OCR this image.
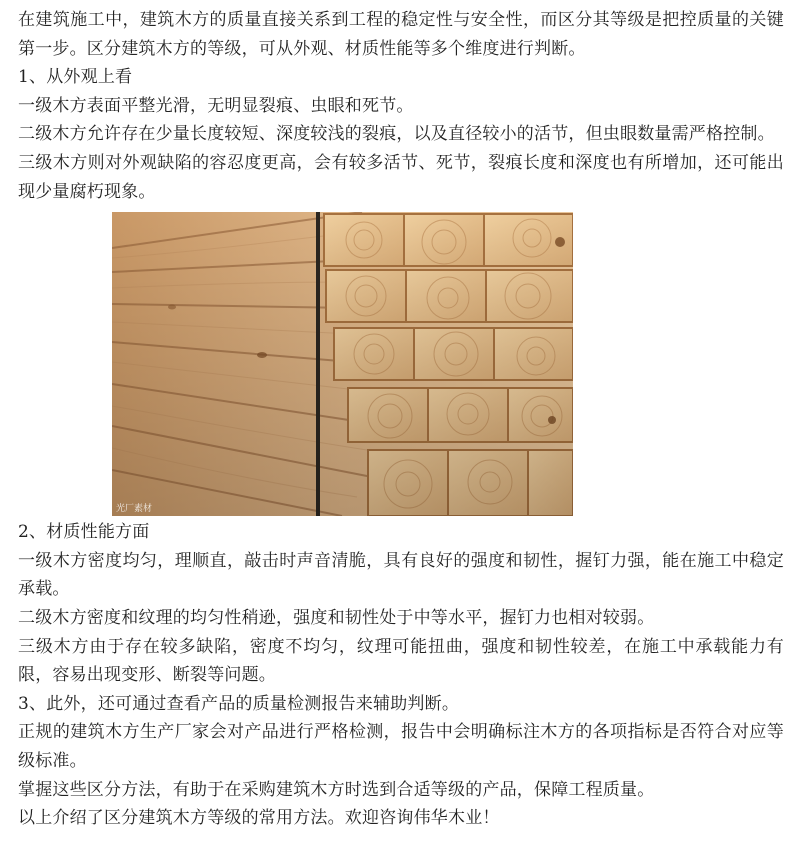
在建筑施工中，建筑木方的质量直接关系到工程的稳定性与安全性，而区分其等级是把控质量的关键第一步。区分建筑木方的等级，可从外观、材质性能等多个维度进行判断。

1、从外观上看

一级木方表面平整光滑，无明显裂痕、虫眼和死节。

二级木方允许存在少量长度较短、深度较浅的裂痕，以及直径较小的活节，但虫眼数量需严格控制。

三级木方则对外观缺陷的容忍度更高，会有较多活节、死节，裂痕长度和深度也有所增加，还可能出现少量腐朽现象。

光厂素材

2、材质性能方面

一级木方密度均匀，理顺直，敲击时声音清脆，具有良好的强度和韧性，握钉力强，能在施工中稳定承载。

二级木方密度和纹理的均匀性稍逊，强度和韧性处于中等水平，握钉力也相对较弱。

三级木方由于存在较多缺陷，密度不均匀，纹理可能扭曲，强度和韧性较差，在施工中承载能力有限，容易出现变形、断裂等问题。

3、此外，还可通过查看产品的质量检测报告来辅助判断。

正规的建筑木方生产厂家会对产品进行严格检测，报告中会明确标注木方的各项指标是否符合对应等级标准。

掌握这些区分方法，有助于在采购建筑木方时选到合适等级的产品，保障工程质量。

以上介绍了区分建筑木方等级的常用方法。欢迎咨询伟华木业！
